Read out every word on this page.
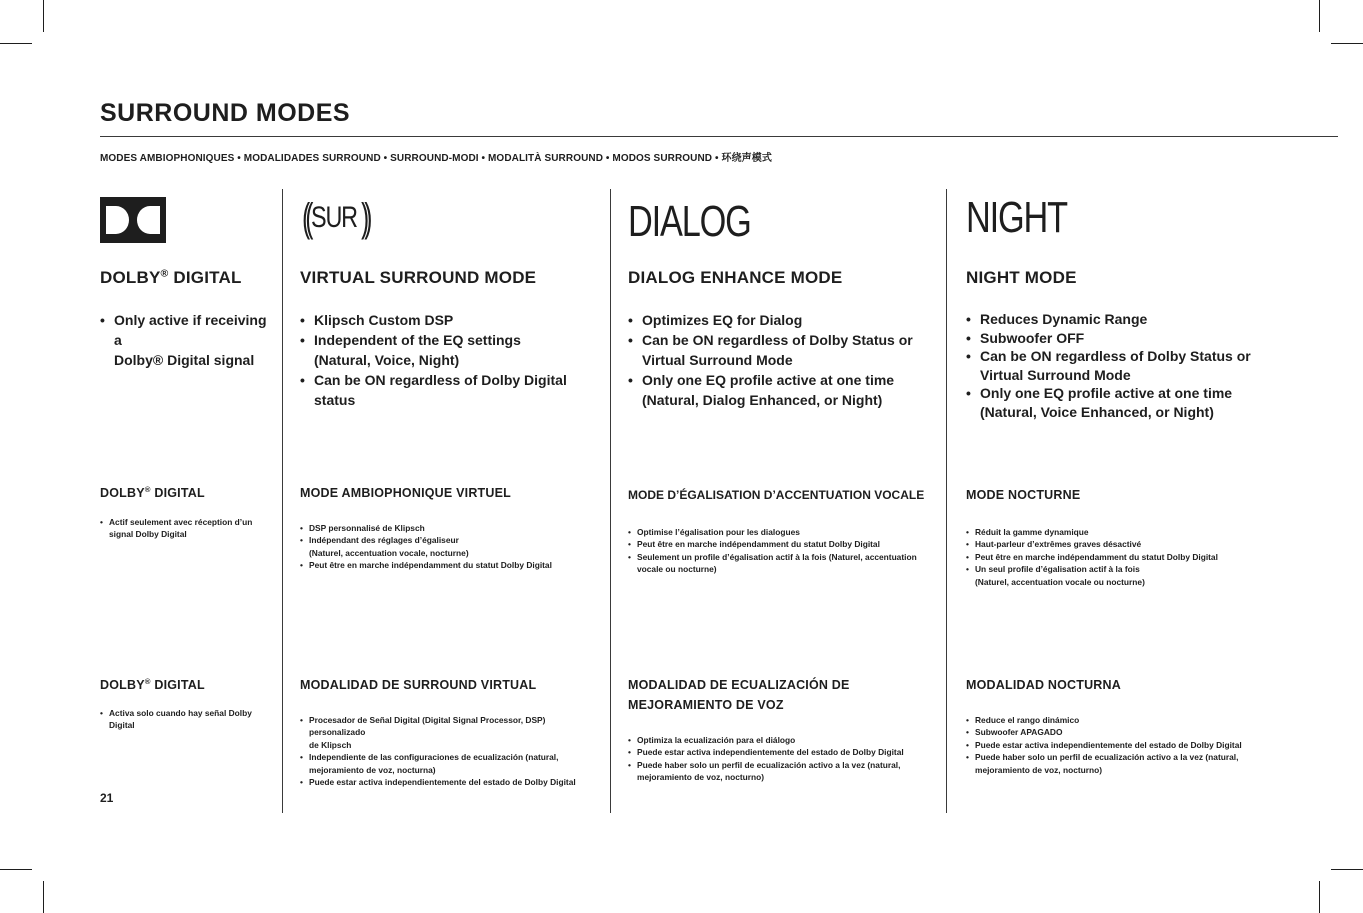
SURROUND MODES
MODES AMBIOPHONIQUES • MODALIDADES SURROUND • SURROUND-MODI • MODALITÀ SURROUND • MODOS SURROUND • 环绕声模式
DOLBY® DIGITAL
• Only active if receiving a
Dolby® Digital signal
DOLBY® DIGITAL
• Actif seulement avec réception d’un
signal Dolby Digital
DOLBY® DIGITAL
• Activa solo cuando hay señal Dolby Digital
(( SUR ))
VIRTUAL SURROUND MODE
• Klipsch Custom DSP
• Independent of the EQ settings
(Natural, Voice, Night)
• Can be ON regardless of Dolby Digital status
MODE AMBIOPHONIQUE VIRTUEL
• DSP personnalisé de Klipsch
• Indépendant des réglages d’égaliseur
(Naturel, accentuation vocale, nocturne)
• Peut être en marche indépendamment du statut Dolby Digital
MODALIDAD DE SURROUND VIRTUAL
• Procesador de Señal Digital (Digital Signal Processor, DSP) personalizado
de Klipsch
• Independiente de las configuraciones de ecualización (natural,
mejoramiento de voz, nocturna)
• Puede estar activa independientemente del estado de Dolby Digital
DIALOG
DIALOG ENHANCE MODE
• Optimizes EQ for Dialog
• Can be ON regardless of Dolby Status or
Virtual Surround Mode
• Only one EQ profile active at one time
(Natural, Dialog Enhanced, or Night)
MODE D’ÉGALISATION D’ACCENTUATION VOCALE
• Optimise l’égalisation pour les dialogues
• Peut être en marche indépendamment du statut Dolby Digital
• Seulement un profile d’égalisation actif à la fois (Naturel, accentuation
vocale ou nocturne)
MODALIDAD DE ECUALIZACIÓN DE
MEJORAMIENTO DE VOZ
• Optimiza la ecualización para el diálogo
• Puede estar activa independientemente del estado de Dolby Digital
• Puede haber solo un perfil de ecualización activo a la vez (natural,
mejoramiento de voz, nocturno)
NIGHT
NIGHT MODE
• Reduces Dynamic Range
• Subwoofer OFF
• Can be ON regardless of Dolby Status or
Virtual Surround Mode
• Only one EQ profile active at one time
(Natural, Voice Enhanced, or Night)
MODE NOCTURNE
• Réduit la gamme dynamique
• Haut-parleur d’extrêmes graves désactivé
• Peut être en marche indépendamment du statut Dolby Digital
• Un seul profile d’égalisation actif à la fois
(Naturel, accentuation vocale ou nocturne)
MODALIDAD NOCTURNA
• Reduce el rango dinámico
• Subwoofer APAGADO
• Puede estar activa independientemente del estado de Dolby Digital
• Puede haber solo un perfil de ecualización activo a la vez (natural,
mejoramiento de voz, nocturno)
21
